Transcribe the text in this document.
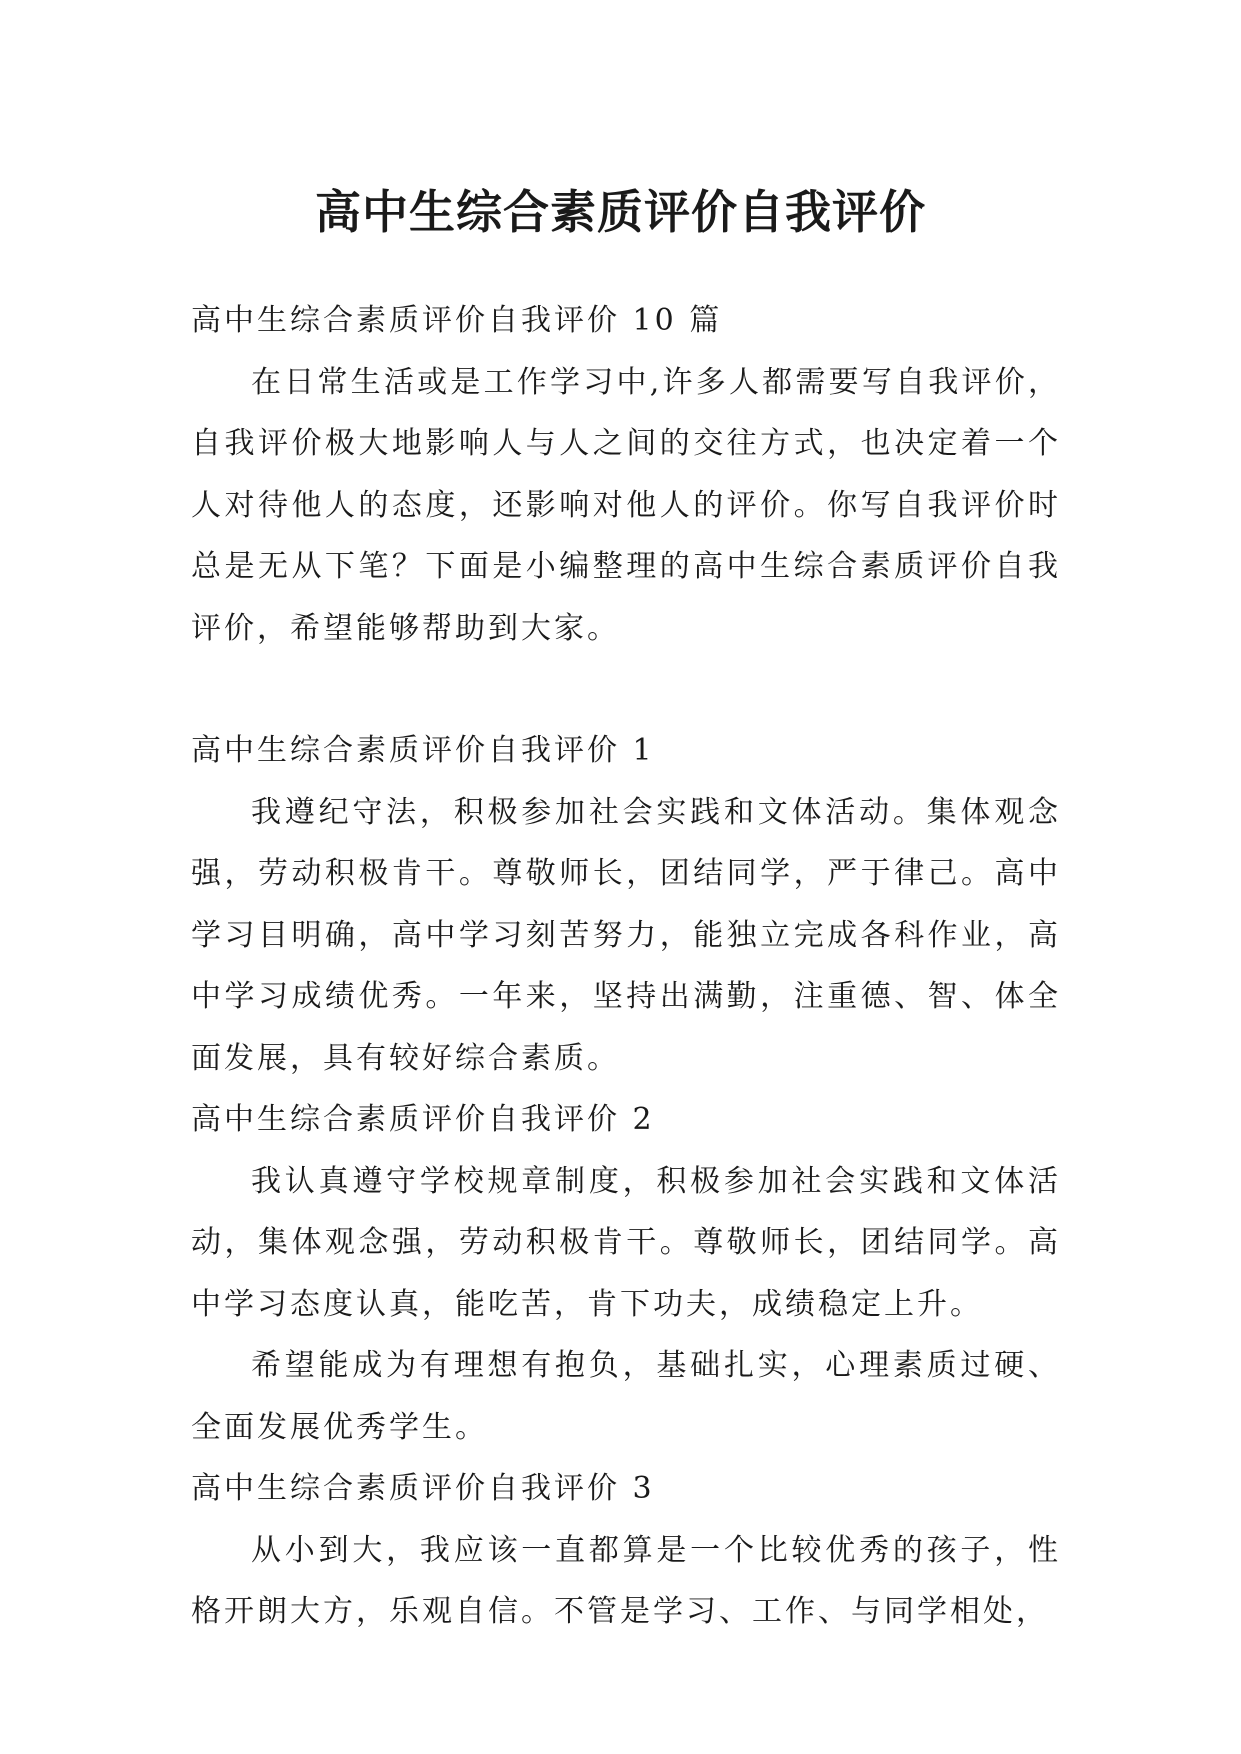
高中生综合素质评价自我评价

高中生综合素质评价自我评价 10 篇

在日常生活或是工作学习中,许多人都需要写自我评价，自我评价极大地影响人与人之间的交往方式，也决定着一个人对待他人的态度，还影响对他人的评价。你写自我评价时总是无从下笔？下面是小编整理的高中生综合素质评价自我评价，希望能够帮助到大家。

高中生综合素质评价自我评价 1

我遵纪守法，积极参加社会实践和文体活动。集体观念强，劳动积极肯干。尊敬师长，团结同学，严于律己。高中学习目明确，高中学习刻苦努力，能独立完成各科作业，高中学习成绩优秀。一年来，坚持出满勤，注重德、智、体全面发展，具有较好综合素质。

高中生综合素质评价自我评价 2

我认真遵守学校规章制度，积极参加社会实践和文体活动，集体观念强，劳动积极肯干。尊敬师长，团结同学。高中学习态度认真，能吃苦，肯下功夫，成绩稳定上升。

希望能成为有理想有抱负，基础扎实，心理素质过硬、全面发展优秀学生。

高中生综合素质评价自我评价 3

从小到大，我应该一直都算是一个比较优秀的孩子，性格开朗大方，乐观自信。不管是学习、工作、与同学相处，
